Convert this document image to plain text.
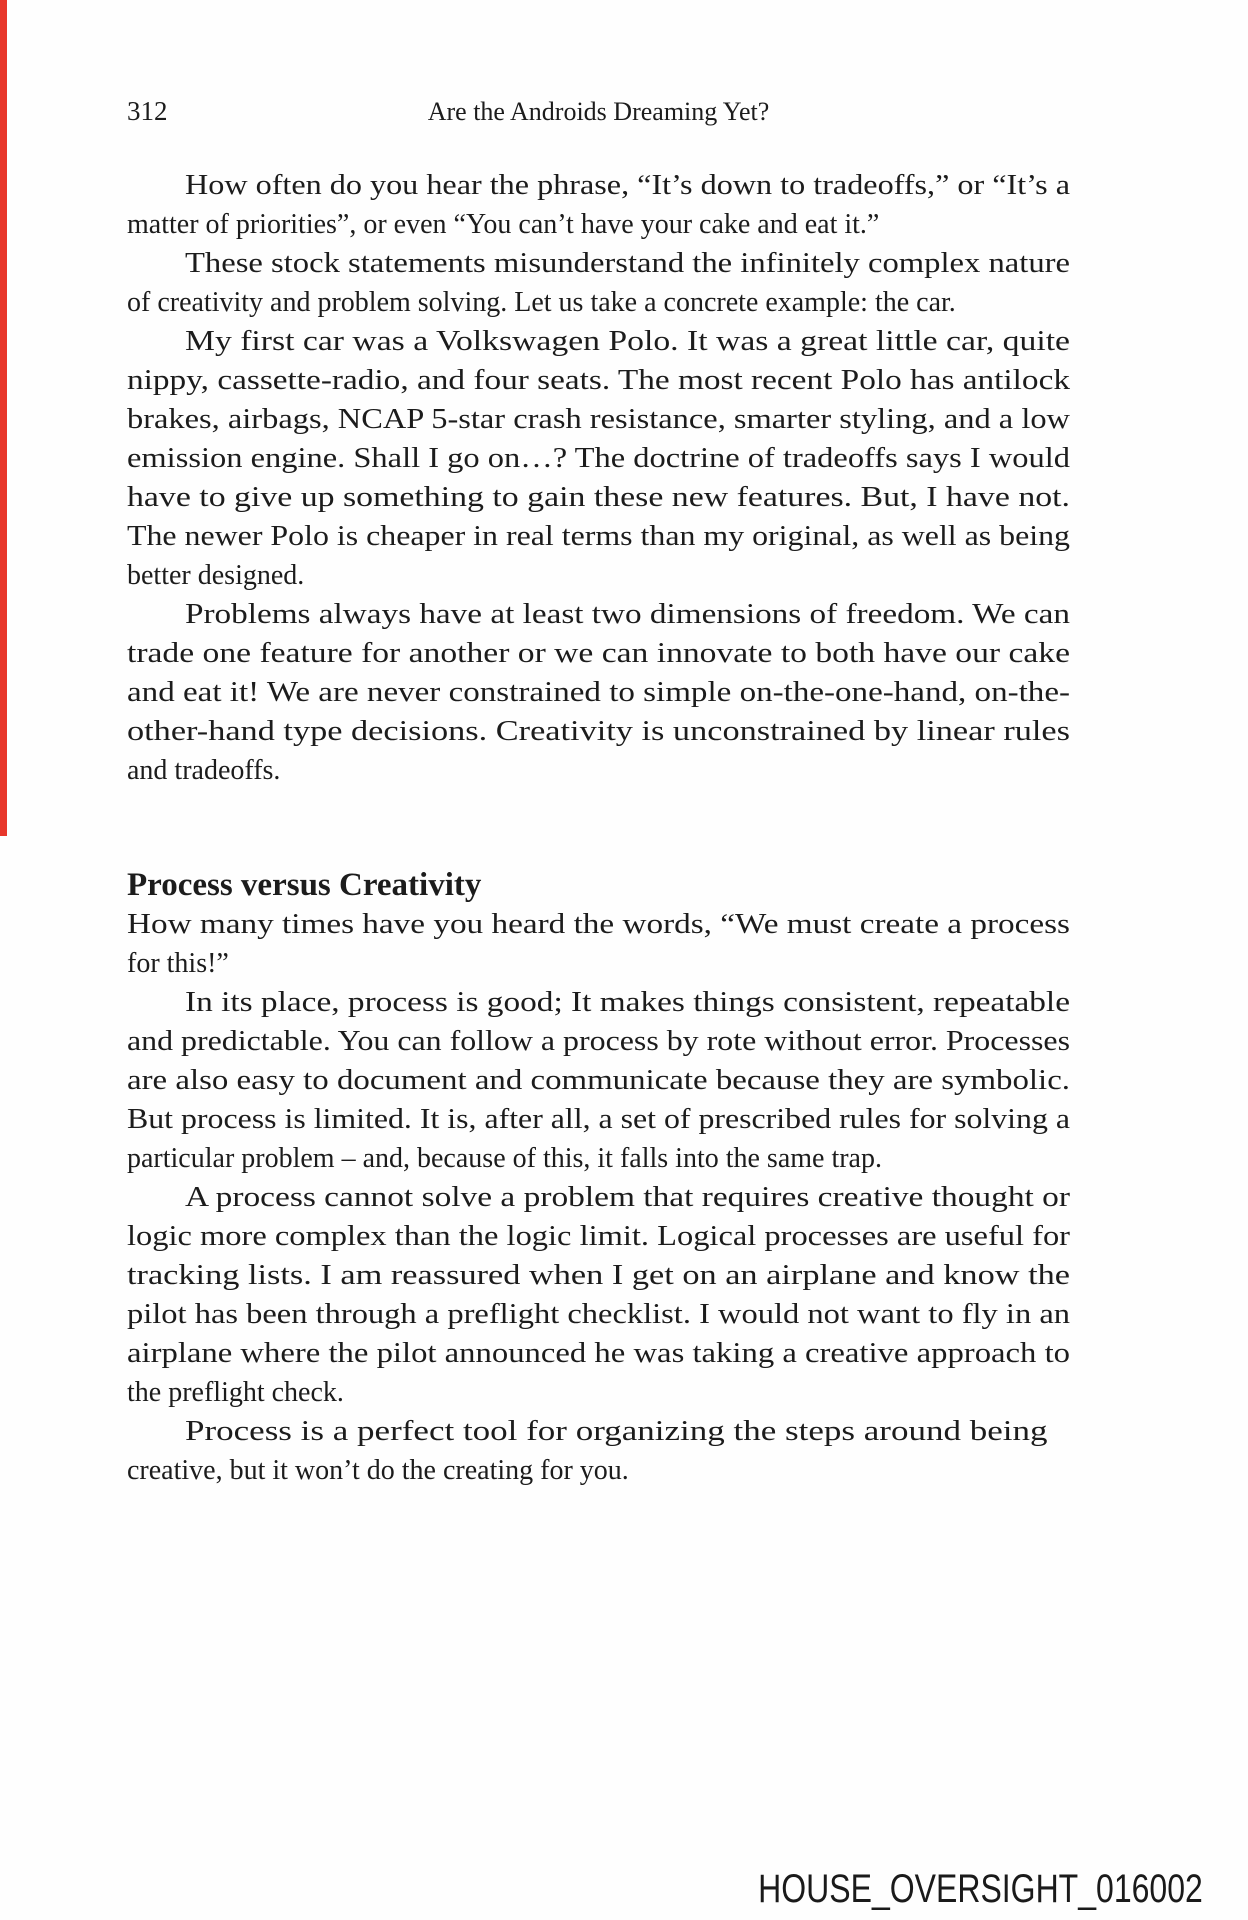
312	Are the Androids Dreaming Yet?
How often do you hear the phrase, “It’s down to tradeoffs,” or “It’s a
matter of priorities”, or even “You can’t have your cake and eat it.”
These stock statements misunderstand the infinitely complex nature
of creativity and problem solving. Let us take a concrete example: the car.
My first car was a Volkswagen Polo. It was a great little car, quite
nippy, cassette-radio, and four seats. The most recent Polo has antilock
brakes, airbags, NCAP 5-star crash resistance, smarter styling, and a low
emission engine. Shall I go on…? The doctrine of tradeoffs says I would
have to give up something to gain these new features. But, I have not.
The newer Polo is cheaper in real terms than my original, as well as being
better designed.
Problems always have at least two dimensions of freedom. We can
trade one feature for another or we can innovate to both have our cake
and eat it! We are never constrained to simple on-the-one-hand, on-the-
other-hand type decisions. Creativity is unconstrained by linear rules
and tradeoffs.
Process versus Creativity
How many times have you heard the words, “We must create a process
for this!”
In its place, process is good; It makes things consistent, repeatable
and predictable. You can follow a process by rote without error. Processes
are also easy to document and communicate because they are symbolic.
But process is limited. It is, after all, a set of prescribed rules for solving a
particular problem – and, because of this, it falls into the same trap.
A process cannot solve a problem that requires creative thought or
logic more complex than the logic limit. Logical processes are useful for
tracking lists. I am reassured when I get on an airplane and know the
pilot has been through a preflight checklist. I would not want to fly in an
airplane where the pilot announced he was taking a creative approach to
the preflight check.
Process is a perfect tool for organizing the steps around being
creative, but it won’t do the creating for you.
HOUSE_OVERSIGHT_016002
